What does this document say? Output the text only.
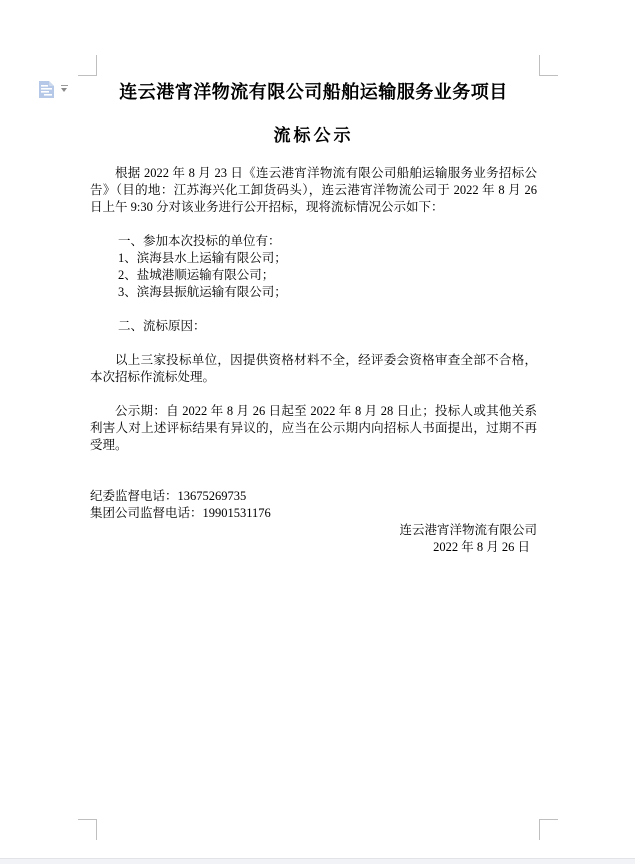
连云港宵洋物流有限公司船舶运输服务业务项目
流标公示

根据 2022 年 8 月 23 日《连云港宵洋物流有限公司船舶运输服务业务招标公告》（目的地：江苏海兴化工卸货码头），连云港宵洋物流公司于 2022 年 8 月 26 日上午 9:30 分对该业务进行公开招标，现将流标情况公示如下：

一、参加本次投标的单位有：

1、滨海县水上运输有限公司；

2、盐城港顺运输有限公司；

3、滨海县振航运输有限公司；

二、流标原因：

以上三家投标单位，因提供资格材料不全，经评委会资格审查全部不合格，本次招标作流标处理。

公示期：自 2022 年 8 月 26 日起至 2022 年 8 月 28 日止；投标人或其他关系利害人对上述评标结果有异议的，应当在公示期内向招标人书面提出，过期不再受理。

纪委监督电话：13675269735

集团公司监督电话：19901531176

连云港宵洋物流有限公司

2022 年 8 月 26 日
